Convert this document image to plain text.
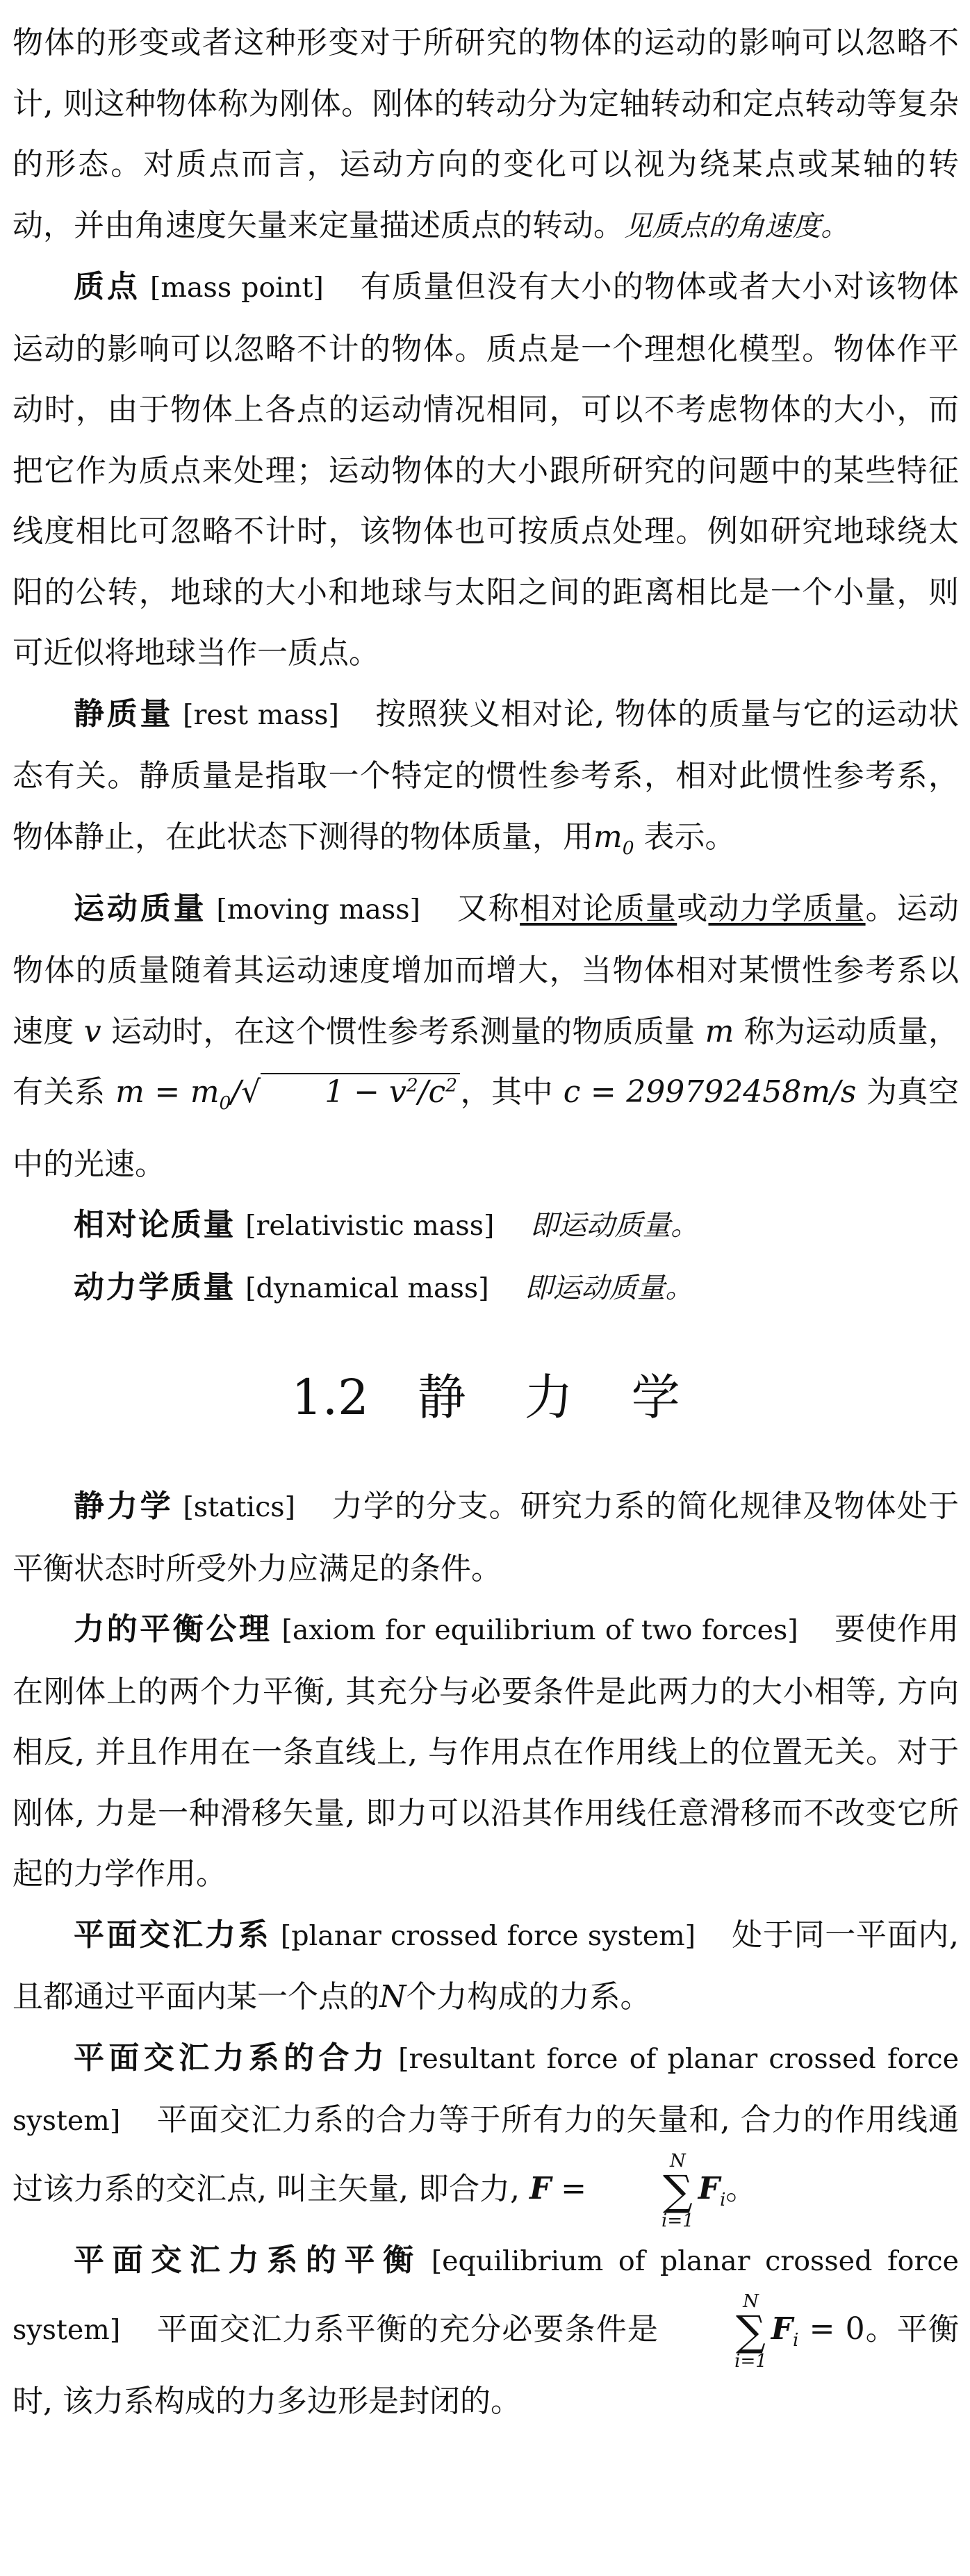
物体的形变或者这种形变对于所研究的物体的运动的影响可以忽略不计, 则这种物体称为刚体。刚体的转动分为定轴转动和定点转动等复杂的形态。对质点而言，运动方向的变化可以视为绕某点或某轴的转动，并由角速度矢量来定量描述质点的转动。见质点的角速度。

质点 [mass point] 有质量但没有大小的物体或者大小对该物体运动的影响可以忽略不计的物体。质点是一个理想化模型。物体作平动时，由于物体上各点的运动情况相同，可以不考虑物体的大小，而把它作为质点来处理；运动物体的大小跟所研究的问题中的某些特征线度相比可忽略不计时，该物体也可按质点处理。例如研究地球绕太阳的公转，地球的大小和地球与太阳之间的距离相比是一个小量，则可近似将地球当作一质点。

静质量 [rest mass] 按照狭义相对论, 物体的质量与它的运动状态有关。静质量是指取一个特定的惯性参考系，相对此惯性参考系，物体静止，在此状态下测得的物体质量，用$m_0$ 表示。

运动质量 [moving mass] 又称相对论质量或动力学质量。运动物体的质量随着其运动速度增加而增大，当物体相对某惯性参考系以速度 v 运动时，在这个惯性参考系测量的物质质量 m 称为运动质量，有关系 $m = m_0/√$ $1 - v^2/c^2$，其中 c = 299792458m/s 为真空中的光速。

相对论质量 [relativistic mass] 即运动质量。

动力学质量 [dynamical mass] 即运动质量。

1.2 静力学

静力学 [statics] 力学的分支。研究力系的简化规律及物体处于平衡状态时所受外力应满足的条件。

力的平衡公理 [axiom for equilibrium of two forces] 要使作用在刚体上的两个力平衡, 其充分与必要条件是此两力的大小相等, 方向相反, 并且作用在一条直线上, 与作用点在作用线上的位置无关。对于刚体, 力是一种滑移矢量, 即力可以沿其作用线任意滑移而不改变它所起的力学作用。

平面交汇力系 [planar crossed force system] 处于同一平面内, 且都通过平面内某一个点的N个力构成的力系。

平面交汇力系的合力 [resultant force of planar crossed force system] 平面交汇力系的合力等于所有力的矢量和, 合力的作用线通过该力系的交汇点, 叫主矢量, 即合力, F =
N
∑
i=1
$F_i$。

平面交汇力系的平衡 [equilibrium of planar crossed force system] 平面交汇力系平衡的充分必要条件是
N
∑
i=1
$F_i = 0$。平衡时, 该力系构成的力多边形是封闭的。
